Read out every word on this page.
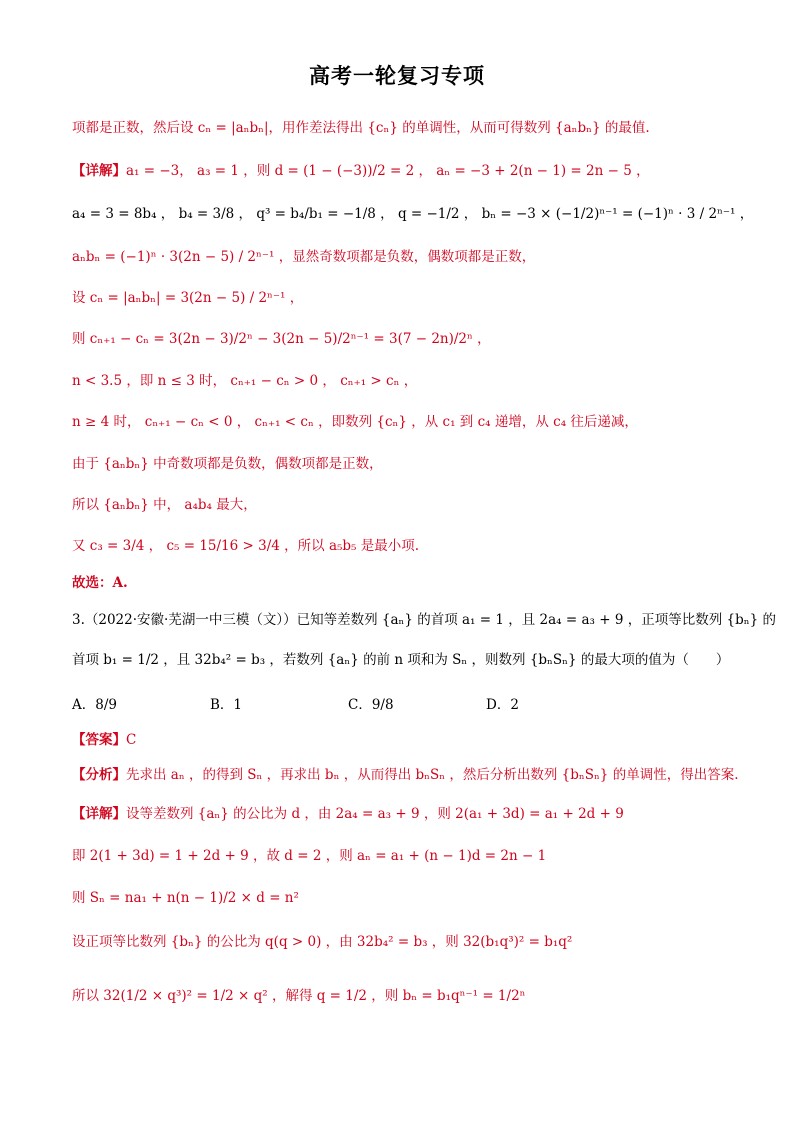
高考一轮复习专项
项都是正数，然后设 cₙ = |aₙbₙ|，用作差法得出 {cₙ} 的单调性，从而可得数列 {aₙbₙ} 的最值.
【详解】a₁ = −3， a₃ = 1 ，则 d = (1 − (−3))/2 = 2 ， aₙ = −3 + 2(n − 1) = 2n − 5 ，
a₄ = 3 = 8b₄ ， b₄ = 3/8 ， q³ = b₄/b₁ = −1/8 ， q = −1/2 ， bₙ = −3 × (−1/2)ⁿ⁻¹ = (−1)ⁿ · 3 / 2ⁿ⁻¹ ，
aₙbₙ = (−1)ⁿ · 3(2n − 5) / 2ⁿ⁻¹ ，显然奇数项都是负数，偶数项都是正数，
设 cₙ = |aₙbₙ| = 3(2n − 5) / 2ⁿ⁻¹ ，
则 cₙ₊₁ − cₙ = 3(2n − 3)/2ⁿ − 3(2n − 5)/2ⁿ⁻¹ = 3(7 − 2n)/2ⁿ ，
n < 3.5 ，即 n ≤ 3 时， cₙ₊₁ − cₙ > 0 ， cₙ₊₁ > cₙ ，
n ≥ 4 时， cₙ₊₁ − cₙ < 0 ， cₙ₊₁ < cₙ ，即数列 {cₙ} ，从 c₁ 到 c₄ 递增，从 c₄ 往后递减，
由于 {aₙbₙ} 中奇数项都是负数，偶数项都是正数，
所以 {aₙbₙ} 中， a₄b₄ 最大，
又 c₃ = 3/4 ， c₅ = 15/16 > 3/4 ，所以 a₅b₅ 是最小项.
故选：A.
3.（2022·安徽·芜湖一中三模（文））已知等差数列 {aₙ} 的首项 a₁ = 1 ，且 2a₄ = a₃ + 9 ，正项等比数列 {bₙ} 的
首项 b₁ = 1/2 ，且 32b₄² = b₃ ，若数列 {aₙ} 的前 n 项和为 Sₙ ，则数列 {bₙSₙ} 的最大项的值为（　　）
A．8/9	B．1	C．9/8	D．2
【答案】C
【分析】先求出 aₙ ，的得到 Sₙ ，再求出 bₙ ，从而得出 bₙSₙ ，然后分析出数列 {bₙSₙ} 的单调性，得出答案.
【详解】设等差数列 {aₙ} 的公比为 d ，由 2a₄ = a₃ + 9 ，则 2(a₁ + 3d) = a₁ + 2d + 9
即 2(1 + 3d) = 1 + 2d + 9 ，故 d = 2 ，则 aₙ = a₁ + (n − 1)d = 2n − 1
则 Sₙ = na₁ + n(n − 1)/2 × d = n²
设正项等比数列 {bₙ} 的公比为 q(q > 0) ，由 32b₄² = b₃ ，则 32(b₁q³)² = b₁q²
所以 32(1/2 × q³)² = 1/2 × q² ，解得 q = 1/2 ，则 bₙ = b₁qⁿ⁻¹ = 1/2ⁿ
